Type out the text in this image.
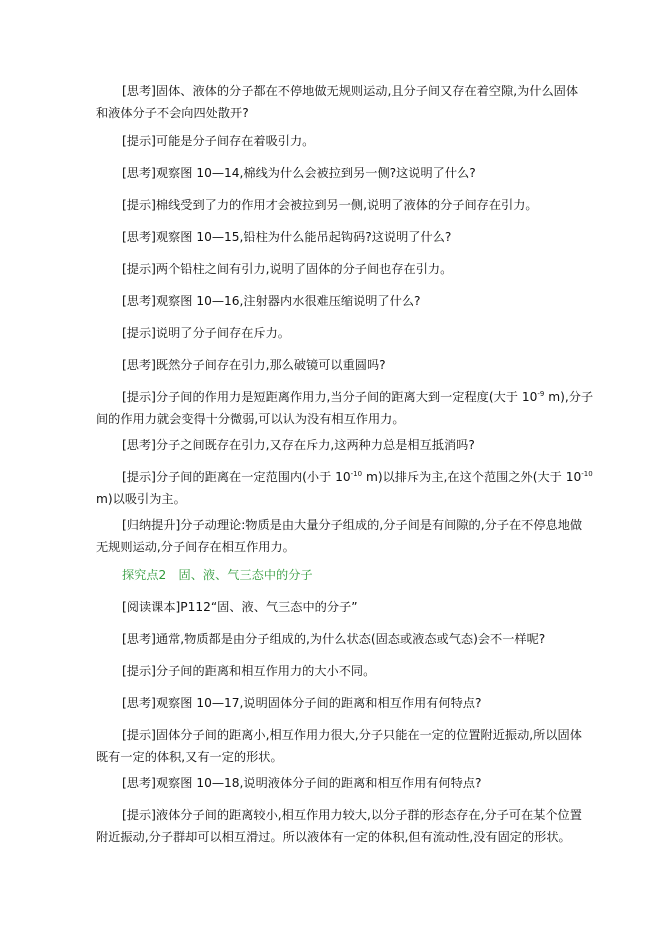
[思考]固体、液体的分子都在不停地做无规则运动,且分子间又存在着空隙,为什么固体
和液体分子不会向四处散开?
[提示]可能是分子间存在着吸引力。
[思考]观察图 10—14,棉线为什么会被拉到另一侧?这说明了什么?
[提示]棉线受到了力的作用才会被拉到另一侧,说明了液体的分子间存在引力。
[思考]观察图 10—15,铅柱为什么能吊起钩码?这说明了什么?
[提示]两个铅柱之间有引力,说明了固体的分子间也存在引力。
[思考]观察图 10—16,注射器内水很难压缩说明了什么?
[提示]说明了分子间存在斥力。
[思考]既然分子间存在引力,那么破镜可以重圆吗?
[提示]分子间的作用力是短距离作用力,当分子间的距离大到一定程度(大于 $10^{-9}$ m),分子
间的作用力就会变得十分微弱,可以认为没有相互作用力。
[思考]分子之间既存在引力,又存在斥力,这两种力总是相互抵消吗?
[提示]分子间的距离在一定范围内(小于 $10^{-10}$ m)以排斥为主,在这个范围之外(大于 $10^{-10}$
m)以吸引为主。
[归纳提升]分子动理论:物质是由大量分子组成的,分子间是有间隙的,分子在不停息地做
无规则运动,分子间存在相互作用力。
探究点2　固、液、气三态中的分子
[阅读课本]P112“固、液、气三态中的分子”
[思考]通常,物质都是由分子组成的,为什么状态(固态或液态或气态)会不一样呢?
[提示]分子间的距离和相互作用力的大小不同。
[思考]观察图 10—17,说明固体分子间的距离和相互作用有何特点?
[提示]固体分子间的距离小,相互作用力很大,分子只能在一定的位置附近振动,所以固体
既有一定的体积,又有一定的形状。
[思考]观察图 10—18,说明液体分子间的距离和相互作用有何特点?
[提示]液体分子间的距离较小,相互作用力较大,以分子群的形态存在,分子可在某个位置
附近振动,分子群却可以相互滑过。所以液体有一定的体积,但有流动性,没有固定的形状。
